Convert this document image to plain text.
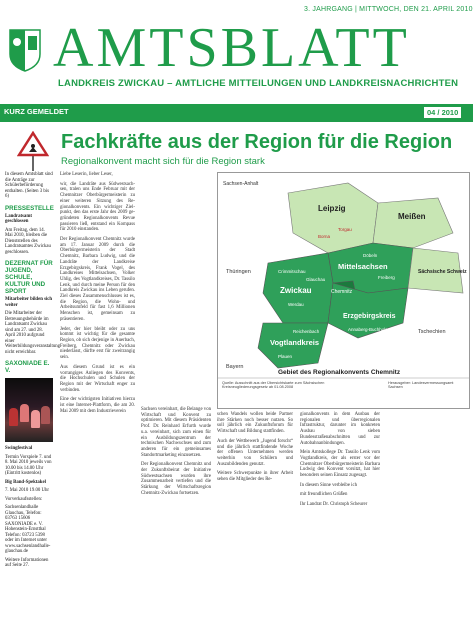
3. JAHRGANG | MITTWOCH, DEN 21. APRIL 2010
AMTSBLATT
LANDKREIS ZWICKAU – AMTLICHE MITTEILUNGEN UND LANDKREISNACHRICHTEN
KURZ GEMELDET	04 / 2010
Fachkräfte aus der Region für die Region
Regionalkonvent macht sich für die Region stark

In diesem Amtsblatt sind die Anträge zur Schülerbeförderung enthalten. (Seiten 3 bis 6)

PRESSESTELLE

Landratsamt geschlossen

Am Freitag, dem 14. Mai 2010, bleiben die Dienststellen des Landratsamtes Zwickau geschlossen.

DEZERNAT FÜR JUGEND, SCHULE, KULTUR UND SPORT

Mitarbeiter bilden sich weiter

Die Mitarbeiter der Betreuungsbehörde im Landratsamt Zwickau sind am 27. und 28. April 2010 aufgrund einer Weiterbildungsveranstaltung nicht erreichbar.

SAXONIADE E. V.

Swingfestival

Termin Vorspiele 7. und 8. Mai 2010 jeweils von 10.00 bis 14.00 Uhr (Eintritt kostenlos)

Big Band-Spektakel

7. Mai 2010 19.00 Uhr

Vorverkaufsstellen:

Sachsenlandhalle Glauchau, Telefon: 03763 15606 SAXONIADE e. V. Hohenstein-Ernstthal Telefon: 03723 5398 oder im Internet unter www.sachsenlandhalle-glauchau.de

Weitere Informationen auf Seite 27.

Liebe Leserin, lieber Leser,

wir, die Landräte aus Südwestsach-sen, tralen uns Ende Februar mit der Chemnitzer Oberbürgermeisterin zu einer weiteren Sitzung des Re-gionalkonvents. Ein wichtiger Ziel-punkt, den das erste Jahr des 2009 ge-gründeten Regionalkonvents Revue passieren ließ, entstand ein Kompass für 2010 einstanden.

Der Regionalkonvent Chemnitz wurde am 17. Januar 2009 durch die Oberbürgermeisterin der Stadt Chemnitz, Barbara Ludwig, und die Landräte der Landkreise Erzgebirgskreis, Frank Vogel, des Landkreises Mittelsachsen, Volker Uhlig, des Vogtlandkreises, Dr. Tassilo Lenk, und durch meine Person für den Landkreis Zwickau ins Leben gerufen. Ziel dieses Zusammenschlusses ist es, die Region, die Wohn- und Arbeitsumfeld für fast 1,6 Millionen Menschen ist, gemeinsam zu präsentieren.

Jeder, der hier bleibt oder zu uns kommt ist wichtig für die gesamte Region, ob sich derjenige in Auerbach, Freiberg, Chemnitz oder Zwickau niederlässt, dürfte erst für zweitrangig sein.

Aus diesem Grund ist es ein vorrangiges Anliegen des Konvents, die Hochschulen und Schulen der Region mit der Wirtschaft enger zu verbinden.

Eine der wichtigsten Initiativen hierzu ist eine Internet-Plattform, die am 20. Mai 2009 mit dem Industrieverein	Sachsen vereinbart, die Belange von Wirtschaft und Konvent zu optimieren. Mit diesem Präsidenten Prof. Dr. Reinhard Erfurth wurde u.a. vereinbart, sich zum einen für ein Ausbildungszentrum der technischen Nachwuchses und zum anderen für ein gemeinsames Standortmarketing einzusetzen.

Der Regionalkonvent Chemnitz und der Zukunftsbeirat der Initiative Südwestsachsen wurden ihre Zusammenarbeit vertiefen und die Stärkung der Wirtschaftsregion Chemnitz-Zwickau fortsetzen.

Sachsen-Anhalt
Leipzig
Meißen
Mittelsachsen
Chemnitz
Zwickau
Erzgebirgskreis
Vogtlandkreis
Thüringen
Bayern
Sächsische Schweiz
Tschechien
Torgau
Borna
Döbeln
Freiberg
Glauchau
Werdau
Crimmitschau
Plauen
Annaberg-Buchholz
Reichenbach
Gebiet des Regionalkonvents Chemnitz
Quelle: Ausschnitt aus der Übersichtskarte zum Sächsischen Kreisneugliederungsgesetz ab 01.08.2008
Herausgeber: Landesvermessungsamt Sachsen

schen Wandels wollen beide Partner ihre Stärken noch besser nutzen. So soll jährlich ein Zukunftsforum für Wirtschaft und Bildung stattfinden.

Auch der Wettbewerb „Jugend forscht“ und die jährlich stattfindende Woche der offenen Unternehmen werden weiterhin von Schülern und Auszubildenden genutzt.

Weitere Schwerpunkte in ihrer Arbeit sehen die Mitglieder des Re-

gionalkonvents in dem Ausbau der regionalen und überregionalen Infrastruktur, darunter im konkreten Ausbau von sieben Bundesstraßenabschnitten und zur Autobahnanbindungen.

Mein Amtskollege Dr. Tassilo Lenk vom Vogtlandkreis, der als erster vor der Chemnitzer Oberbürgermeisterin Barbara Ludwig den Konvent vorsitzt, hat hier besonders seinen Einsatz zugesagt.

In diesem Sinne verbleibe ich

mit freundlichen Grüßen

Ihr Landrat Dr. Christoph Scheurer
